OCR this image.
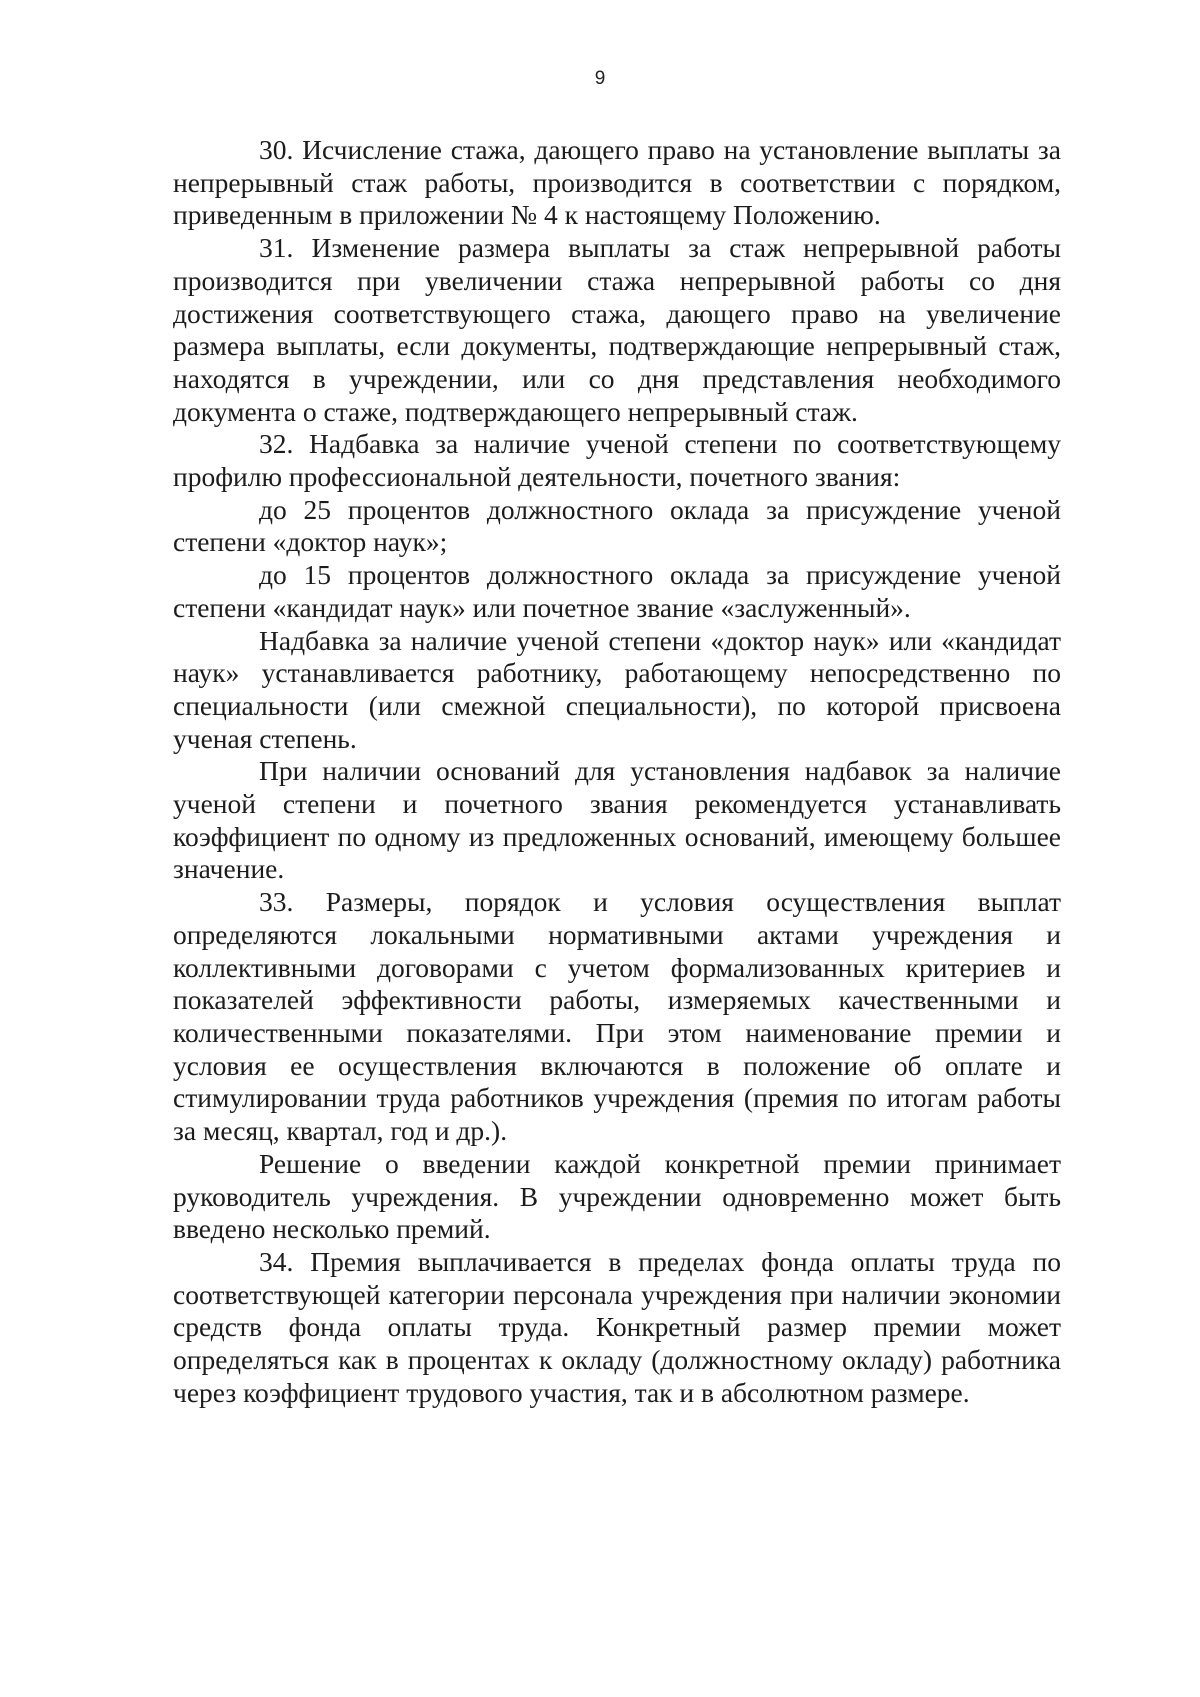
9

30. Исчисление стажа, дающего право на установление выплаты за непрерывный стаж работы, производится в соответствии с порядком, приведенным в приложении № 4 к настоящему Положению.

31. Изменение размера выплаты за стаж непрерывной работы производится при увеличении стажа непрерывной работы со дня достижения соответствующего стажа, дающего право на увеличение размера выплаты, если документы, подтверждающие непрерывный стаж, находятся в учреждении, или со дня представления необходимого документа о стаже, подтверждающего непрерывный стаж.

32. Надбавка за наличие ученой степени по соответствующему профилю профессиональной деятельности, почетного звания:

до 25 процентов должностного оклада за присуждение ученой степени «доктор наук»;

до 15 процентов должностного оклада за присуждение ученой степени «кандидат наук» или почетное звание «заслуженный».

Надбавка за наличие ученой степени «доктор наук» или «кандидат наук» устанавливается работнику, работающему непосредственно по специальности (или смежной специальности), по которой присвоена ученая степень.

При наличии оснований для установления надбавок за наличие ученой степени и почетного звания рекомендуется устанавливать коэффициент по одному из предложенных оснований, имеющему большее значение.

33. Размеры, порядок и условия осуществления выплат определяются локальными нормативными актами учреждения и коллективными договорами с учетом формализованных критериев и показателей эффективности работы, измеряемых качественными и количественными показателями. При этом наименование премии и условия ее осуществления включаются в положение об оплате и стимулировании труда работников учреждения (премия по итогам работы за месяц, квартал, год и др.).

Решение о введении каждой конкретной премии принимает руководитель учреждения. В учреждении одновременно может быть введено несколько премий.

34. Премия выплачивается в пределах фонда оплаты труда по соответствующей категории персонала учреждения при наличии экономии средств фонда оплаты труда. Конкретный размер премии может определяться как в процентах к окладу (должностному окладу) работника через коэффициент трудового участия, так и в абсолютном размере.
